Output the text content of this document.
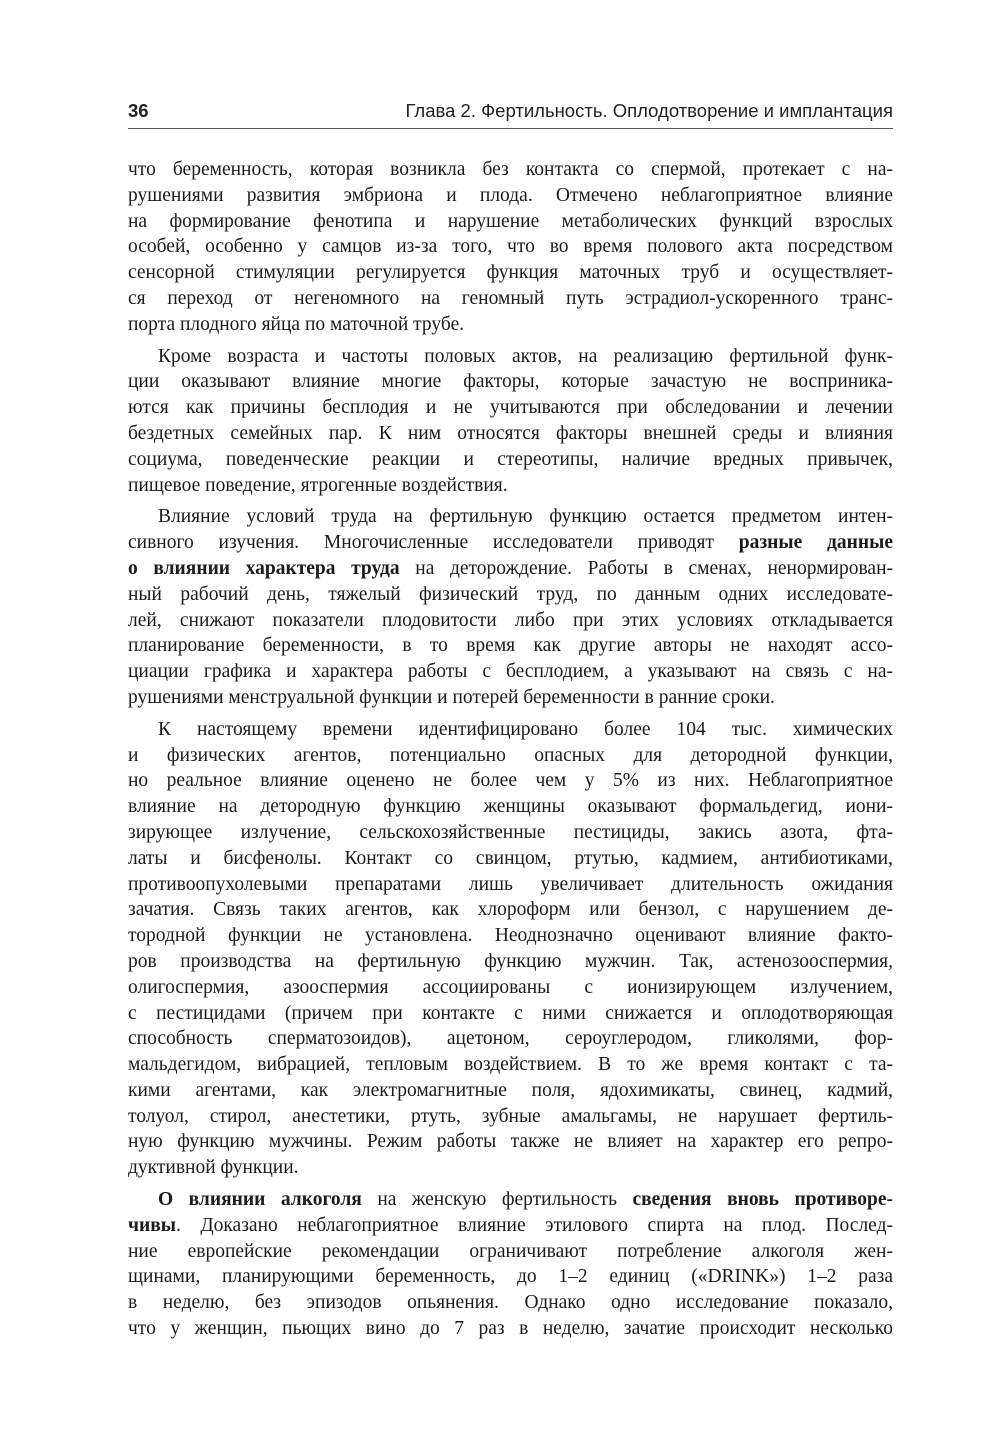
36	Глава 2. Фертильность. Оплодотворение и имплантация
что беременность, которая возникла без контакта со спермой, протекает с на-
рушениями развития эмбриона и плода. Отмечено неблагоприятное влияние
на формирование фенотипа и нарушение метаболических функций взрослых
особей, особенно у самцов из-за того, что во время полового акта посредством
сенсорной стимуляции регулируется функция маточных труб и осуществляет-
ся переход от негеномного на геномный путь эстрадиол-ускоренного транс-
порта плодного яйца по маточной трубе.
Кроме возраста и частоты половых актов, на реализацию фертильной функ-
ции оказывают влияние многие факторы, которые зачастую не восприника-
ются как причины бесплодия и не учитываются при обследовании и лечении
бездетных семейных пар. К ним относятся факторы внешней среды и влияния
социума, поведенческие реакции и стереотипы, наличие вредных привычек,
пищевое поведение, ятрогенные воздействия.
Влияние условий труда на фертильную функцию остается предметом интен-
сивного изучения. Многочисленные исследователи приводят разные данные
о влиянии характера труда на деторождение. Работы в сменах, ненормирован-
ный рабочий день, тяжелый физический труд, по данным одних исследовате-
лей, снижают показатели плодовитости либо при этих условиях откладывается
планирование беременности, в то время как другие авторы не находят ассо-
циации графика и характера работы с бесплодием, а указывают на связь с на-
рушениями менструальной функции и потерей беременности в ранние сроки.
К настоящему времени идентифицировано более 104 тыс. химических
и физических агентов, потенциально опасных для детородной функции,
но реальное влияние оценено не более чем у 5% из них. Неблагоприятное
влияние на детородную функцию женщины оказывают формальдегид, иони-
зирующее излучение, сельскохозяйственные пестициды, закись азота, фта-
латы и бисфенолы. Контакт со свинцом, ртутью, кадмием, антибиотиками,
противоопухолевыми препаратами лишь увеличивает длительность ожидания
зачатия. Связь таких агентов, как хлороформ или бензол, с нарушением де-
тородной функции не установлена. Неоднозначно оценивают влияние факто-
ров производства на фертильную функцию мужчин. Так, астенозооспермия,
олигоспермия, азооспермия ассоциированы с ионизирующем излучением,
с пестицидами (причем при контакте с ними снижается и оплодотворяющая
способность сперматозоидов), ацетоном, сероуглеродом, гликолями, фор-
мальдегидом, вибрацией, тепловым воздействием. В то же время контакт с та-
кими агентами, как электромагнитные поля, ядохимикаты, свинец, кадмий,
толуол, стирол, анестетики, ртуть, зубные амальгамы, не нарушает фертиль-
ную функцию мужчины. Режим работы также не влияет на характер его репро-
дуктивной функции.
О влиянии алкоголя на женскую фертильность сведения вновь противоре-
чивы. Доказано неблагоприятное влияние этилового спирта на плод. Послед-
ние европейские рекомендации ограничивают потребление алкоголя жен-
щинами, планирующими беременность, до 1–2 единиц («DRINK») 1–2 раза
в неделю, без эпизодов опьянения. Однако одно исследование показало,
что у женщин, пьющих вино до 7 раз в неделю, зачатие происходит несколько
